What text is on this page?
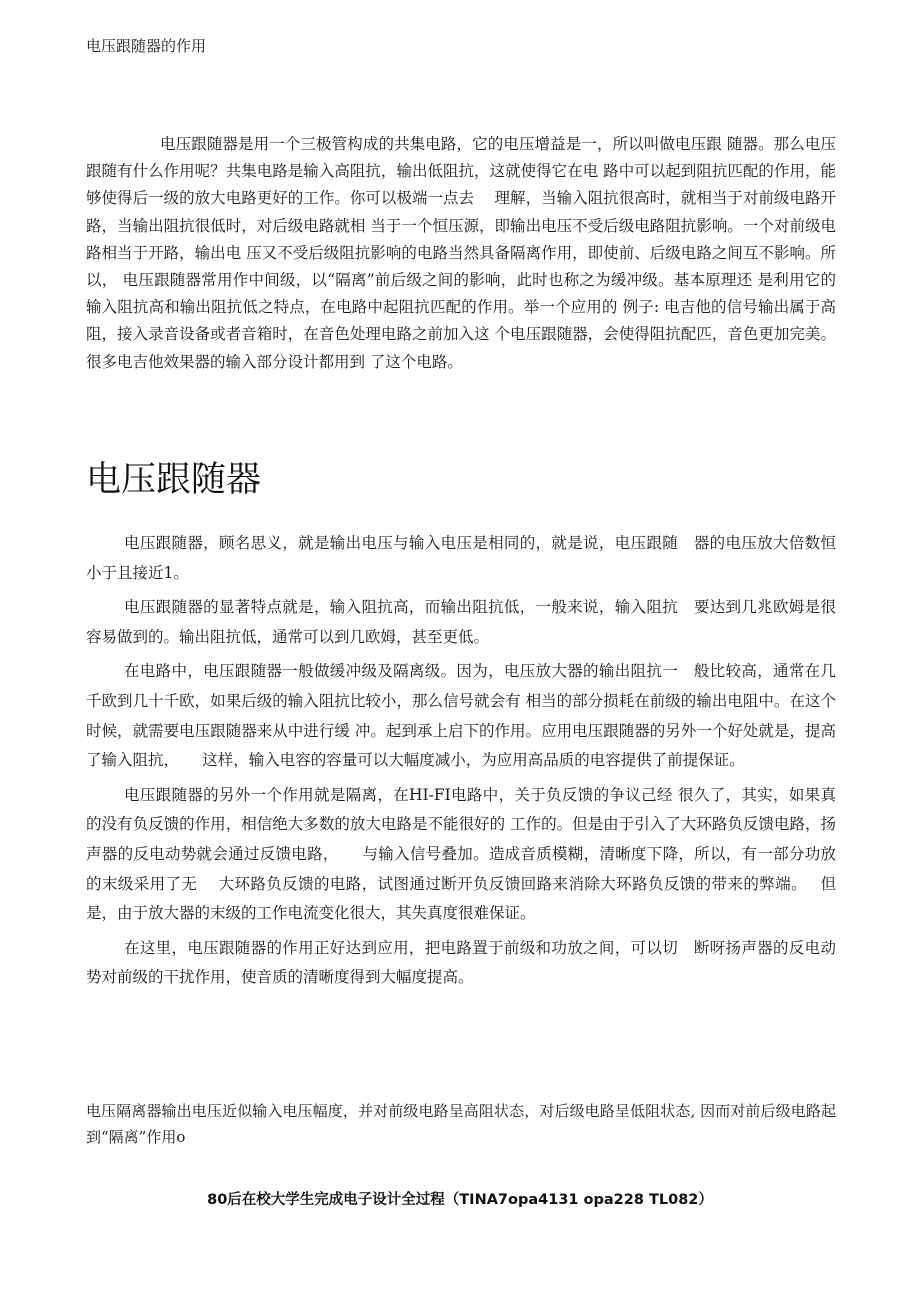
电压跟随器的作用

电压跟随器是用一个三极管构成的共集电路，它的电压增益是一，所以叫做电压跟 随器。那么电压跟随有什么作用呢？共集电路是输入高阻抗，输出低阻抗，这就使得它在电 路中可以起到阻抗匹配的作用，能够使得后一级的放大电路更好的工作。你可以极端一点去　 理解，当输入阻抗很高时，就相当于对前级电路开路，当输出阻抗很低时，对后级电路就相 当于一个恒压源，即输出电压不受后级电路阻抗影响。一个对前级电路相当于开路，输出电 压又不受后级阻抗影响的电路当然具备隔离作用，即使前、后级电路之间互不影响。所以， 电压跟随器常用作中间级，以“隔离”前后级之间的影响，此时也称之为缓冲级。基本原理还 是利用它的输入阻抗高和输出阻抗低之特点，在电路中起阻抗匹配的作用。举一个应用的 例子: 电吉他的信号输出属于高阻，接入录音设备或者音箱时，在音色处理电路之前加入这 个电压跟随器，会使得阻抗配匹，音色更加完美。很多电吉他效果器的输入部分设计都用到 了这个电路。

电压跟随器

电压跟随器，顾名思义，就是输出电压与输入电压是相同的，就是说，电压跟随　器的电压放大倍数恒小于且接近1。

电压跟随器的显著特点就是，输入阻抗高，而输出阻抗低，一般来说，输入阻抗　要达到几兆欧姆是很容易做到的。输出阻抗低，通常可以到几欧姆，甚至更低。

在电路中，电压跟随器一般做缓冲级及隔离级。因为，电压放大器的输出阻抗一　般比较高，通常在几千欧到几十千欧，如果后级的输入阻抗比较小，那么信号就会有 相当的部分损耗在前级的输出电阻中。在这个时候，就需要电压跟随器来从中进行缓 冲。起到承上启下的作用。应用电压跟随器的另外一个好处就是，提高了输入阻抗，　　这样，输入电容的容量可以大幅度减小，为应用高品质的电容提供了前提保证。

电压跟随器的另外一个作用就是隔离，在HI-FI电路中，关于负反馈的争议己经 很久了，其实，如果真的没有负反馈的作用，相信绝大多数的放大电路是不能很好的 工作的。但是由于引入了大环路负反馈电路，扬声器的反电动势就会通过反馈电路，　　与输入信号叠加。造成音质模糊，清晰度下降，所以，有一部分功放的末级采用了无　 大环路负反馈的电路，试图通过断开负反馈回路来消除大环路负反馈的带来的弊端。　 但是，由于放大器的末级的工作电流变化很大，其失真度很难保证。

在这里，电压跟随器的作用正好达到应用，把电路置于前级和功放之间，可以切　断呀扬声器的反电动势对前级的干扰作用，使音质的清晰度得到大幅度提高。

电压隔离器输出电压近似输入电压幅度，并对前级电路呈高阻状态，对后级电路呈低阻状态, 因而对前后级电路起到“隔离”作用o

80后在校大学生完成电子设计全过程（TINA7opa4131 opa228 TL082）
